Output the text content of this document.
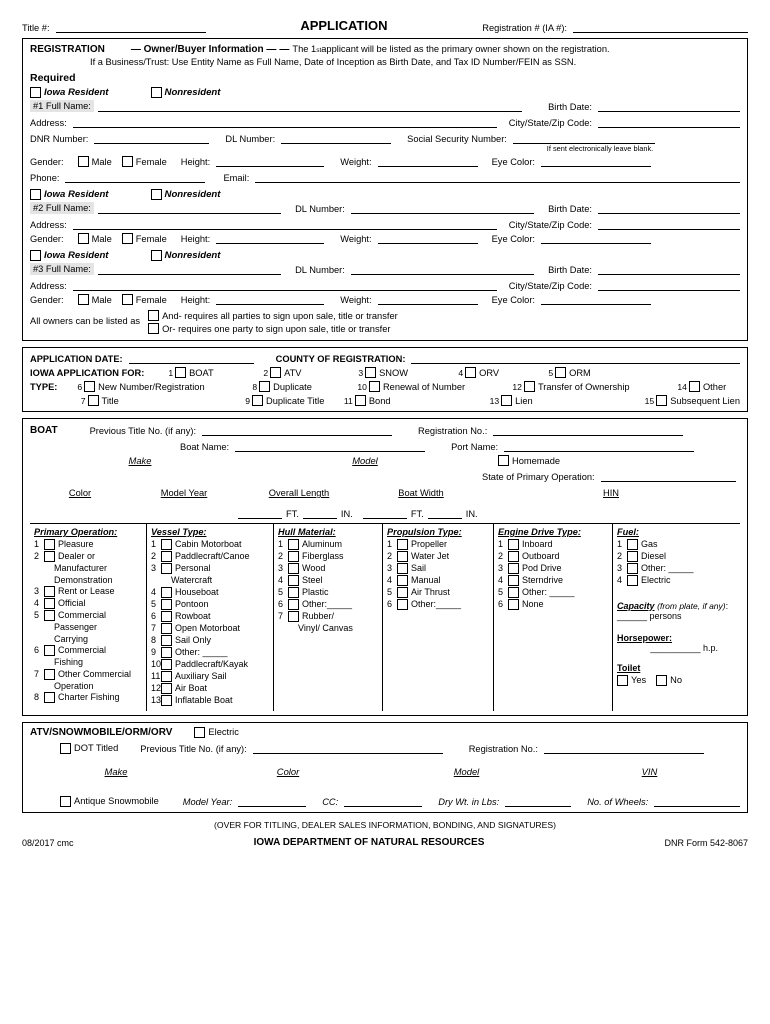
Title #:	APPLICATION	Registration # (IA #):
REGISTRATION	— Owner/Buyer Information — — The 1 st applicant will be listed as the primary owner shown on the registration.
If a Business/Trust: Use Entity Name as Full Name, Date of Inception as Birth Date, and Tax ID Number/FEIN as SSN.
Required
Iowa Resident	Nonresident
#1 Full Name:	Birth Date:
Address:	City/State/Zip Code:
DNR Number:	DL Number:	Social Security Number:
If sent electronically leave blank.
Gender:	Male	Female Height:	Weight:	Eye Color:
Phone:	Email:
Iowa Resident	Nonresident
#2 Full Name:	DL Number:	Birth Date:
Address:	City/State/Zip Code:
Gender:	Male	Female Height:	Weight:	Eye Color:
Iowa Resident	Nonresident
#3 Full Name:	DL Number:	Birth Date:
Address:	City/State/Zip Code:
Gender:	Male	Female Height:	Weight:	Eye Color:
All owners can be listed as
And- requires all parties to sign upon sale, title or transfer
Or- requires one party to sign upon sale, title or transfer
APPLICATION DATE:	COUNTY OF REGISTRATION:
IOWA APPLICATION FOR:	1 BOAT	2 ATV	3 SNOW	4 ORV	5 ORM
TYPE: 6 New Number/Registration	8 Duplicate	10 Renewal of Number	12 Transfer of Ownership	14 Other
7 Title	9 Duplicate Title 11 Bond	13 Lien	15 Subsequent Lien
BOAT	Previous Title No. (if any):	Registration No.:
Boat Name:	Port Name:
Make	Model	Homemade
State of Primary Operation:
Color	Model Year	Overall Length	Boat Width	HIN
FT.	IN.	FT.	IN.
Primary Operation:
1	Pleasure
2	Dealer or
Manufacturer
Demonstration
3	Rent or Lease
4	Official
5	Commercial
Passenger
Carrying
6	Commercial
Fishing
7	Other Commercial
Operation
8	Charter Fishing
Vessel Type:
1	Cabin Motorboat
2	Paddlecraft/Canoe
3	Personal
Watercraft
4	Houseboat
5	Pontoon
6	Rowboat
7	Open Motorboat
8	Sail Only
9	Other: _____
10 Paddlecraft/Kayak
11 Auxiliary Sail
12 Air Boat
13 Inflatable Boat
Hull Material:
1	Aluminum
2	Fiberglass
3	Wood
4	Steel
5	Plastic
6	Other:_____
7	Rubber/
Vinyl/ Canvas
Propulsion Type:
1	Propeller
2	Water Jet
3	Sail
4	Manual
5	Air Thrust
6	Other:_____
Engine Drive Type:
1	Inboard
2	Outboard
3	Pod Drive
4	Sterndrive
5	Other: _____
6	None
Fuel:
1	Gas
2	Diesel
3	Other: _____
4	Electric
Capacity (from plate, if any): ______ persons
Horsepower:
__________ h.p.
Toilet
Yes	No
ATV/SNOWMOBILE/ORM/ORV	Electric
DOT Titled Previous Title No. (if any):	Registration No.:
Make	Color	Model	VIN
Antique Snowmobile	Model Year:	CC:	Dry Wt. in Lbs:	No. of Wheels:
(OVER FOR TITLING, DEALER SALES INFORMATION, BONDING, AND SIGNATURES)
08/2017 cmc	IOWA DEPARTMENT OF NATURAL RESOURCES	DNR Form 542-8067
